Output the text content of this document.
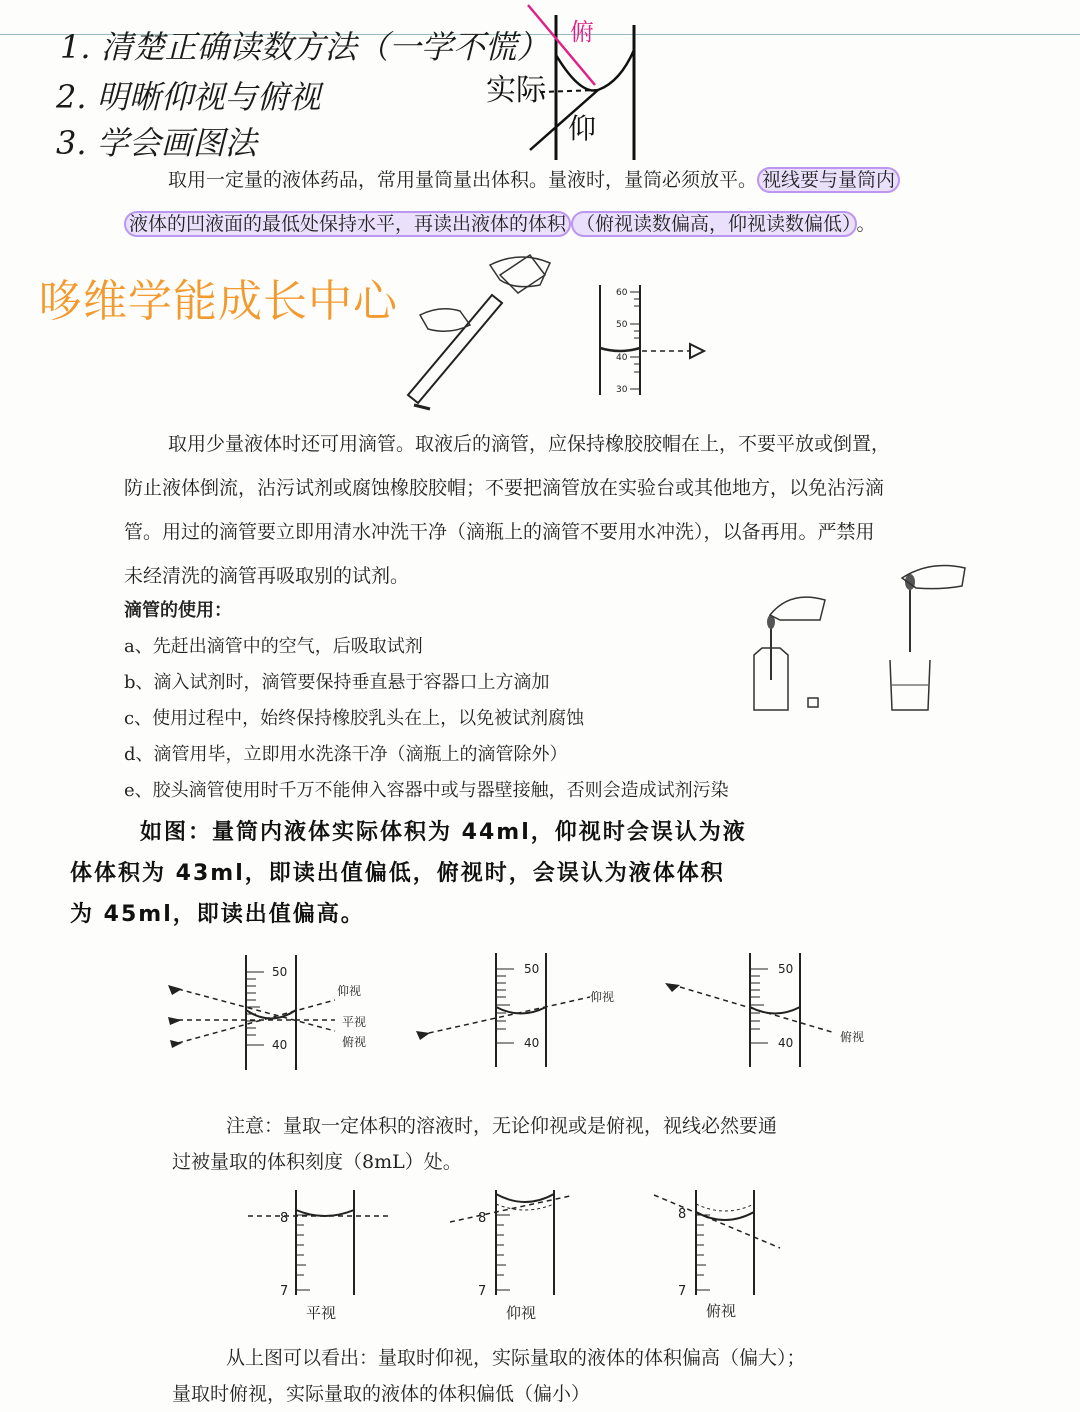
1. 清楚正确读数方法（一学不慌）
2. 明晰仰视与俯视
3. 学会画图法
实际
仰
俯
取用一定量的液体药品，常用量筒量出体积。量液时，量筒必须放平。 视线要与量筒内
液体的凹液面的最低处保持水平，再读出液体的体积 （俯视读数偏高，仰视读数偏低） 。
哆维学能成长中心	60
50
40
30
取用少量液体时还可用滴管。取液后的滴管，应保持橡胶胶帽在上，不要平放或倒置，
防止液体倒流，沾污试剂或腐蚀橡胶胶帽；不要把滴管放在实验台或其他地方，以免沾污滴
管。用过的滴管要立即用清水冲洗干净（滴瓶上的滴管不要用水冲洗），以备再用。严禁用
未经清洗的滴管再吸取别的试剂。
滴管的使用：
a、先赶出滴管中的空气，后吸取试剂
b、滴入试剂时，滴管要保持垂直悬于容器口上方滴加
c、使用过程中，始终保持橡胶乳头在上，以免被试剂腐蚀
d、滴管用毕，立即用水洗涤干净（滴瓶上的滴管除外）
e、胶头滴管使用时千万不能伸入容器中或与器壁接触，否则会造成试剂污染
如图：量筒内液体实际体积为 44ml，仰视时会误认为液
体体积为 43ml，即读出值偏低，俯视时，会误认为液体体积
为 45ml，即读出值偏高。
50
40
仰视
平视
俯视
50
40
仰视
50
40	俯视
注意：量取一定体积的溶液时，无论仰视或是俯视，视线必然要通
过被量取的体积刻度（8mL）处。
8
7
平视
8
7
仰视
8
7
俯视
从上图可以看出：量取时仰视，实际量取的液体的体积偏高（偏大）；
量取时俯视，实际量取的液体的体积偏低（偏小）
